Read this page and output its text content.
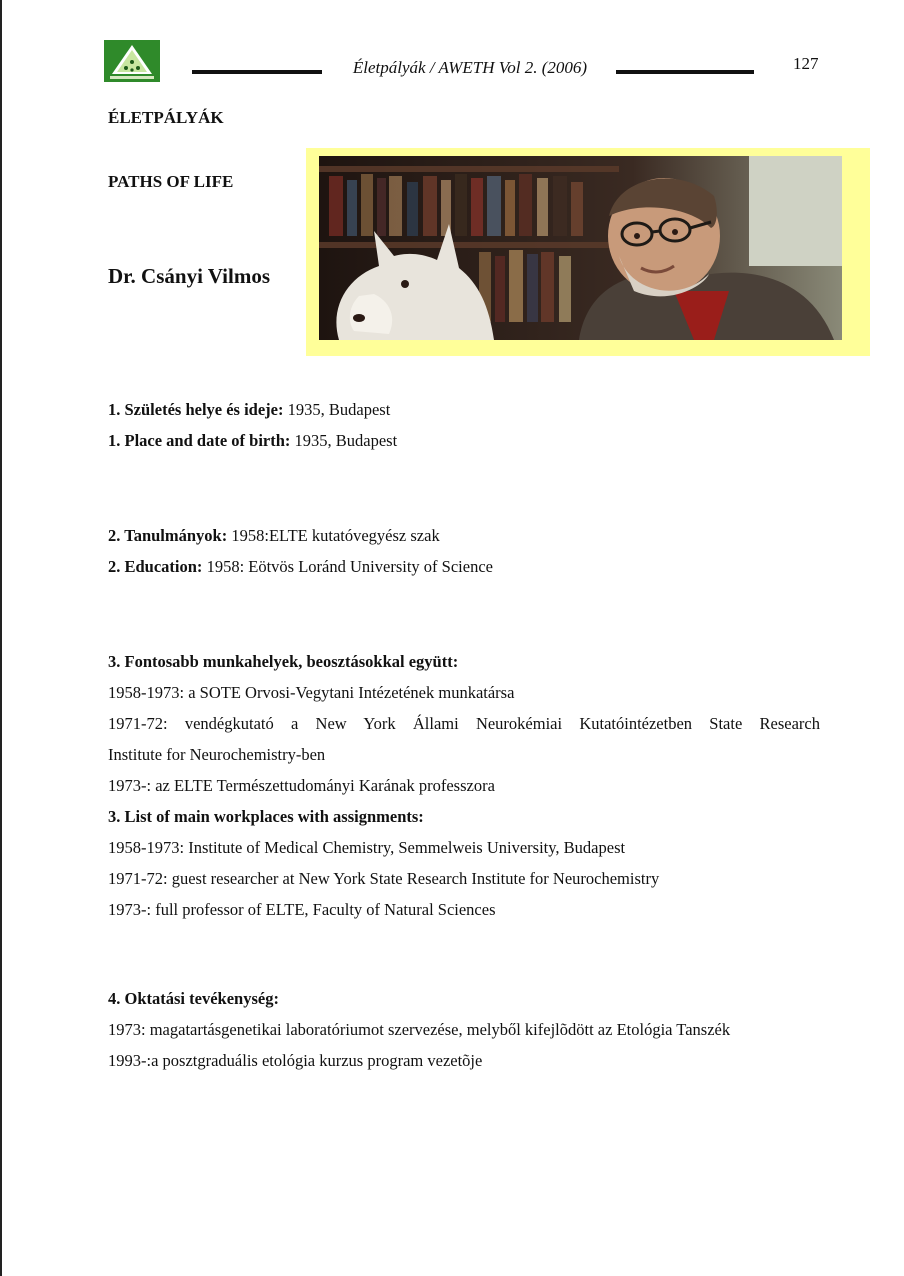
Életpályák / AWETH Vol 2. (2006)	127
ÉLETPÁLYÁK
PATHS OF LIFE
Dr. Csányi Vilmos

1. Születés helye és ideje: 1935, Budapest

1. Place and date of birth: 1935, Budapest

2. Tanulmányok: 1958:ELTE kutatóvegyész szak

2. Education: 1958: Eötvös Loránd University of Science

3. Fontosabb munkahelyek, beosztásokkal együtt:

1958-1973: a SOTE Orvosi-Vegytani Intézetének munkatársa

1971-72: vendégkutató a New York Állami Neurokémiai Kutatóintézetben State Research

Institute for Neurochemistry-ben

1973-: az ELTE Természettudományi Karának professzora

3. List of main workplaces with assignments:

1958-1973: Institute of Medical Chemistry, Semmelweis University, Budapest

1971-72: guest researcher at New York State Research Institute for Neurochemistry

1973-: full professor of ELTE, Faculty of Natural Sciences

4. Oktatási tevékenység:

1973: magatartásgenetikai laboratóriumot szervezése, melyből kifejlõdött az Etológia Tanszék

1993-:a posztgraduális etológia kurzus program vezetõje
